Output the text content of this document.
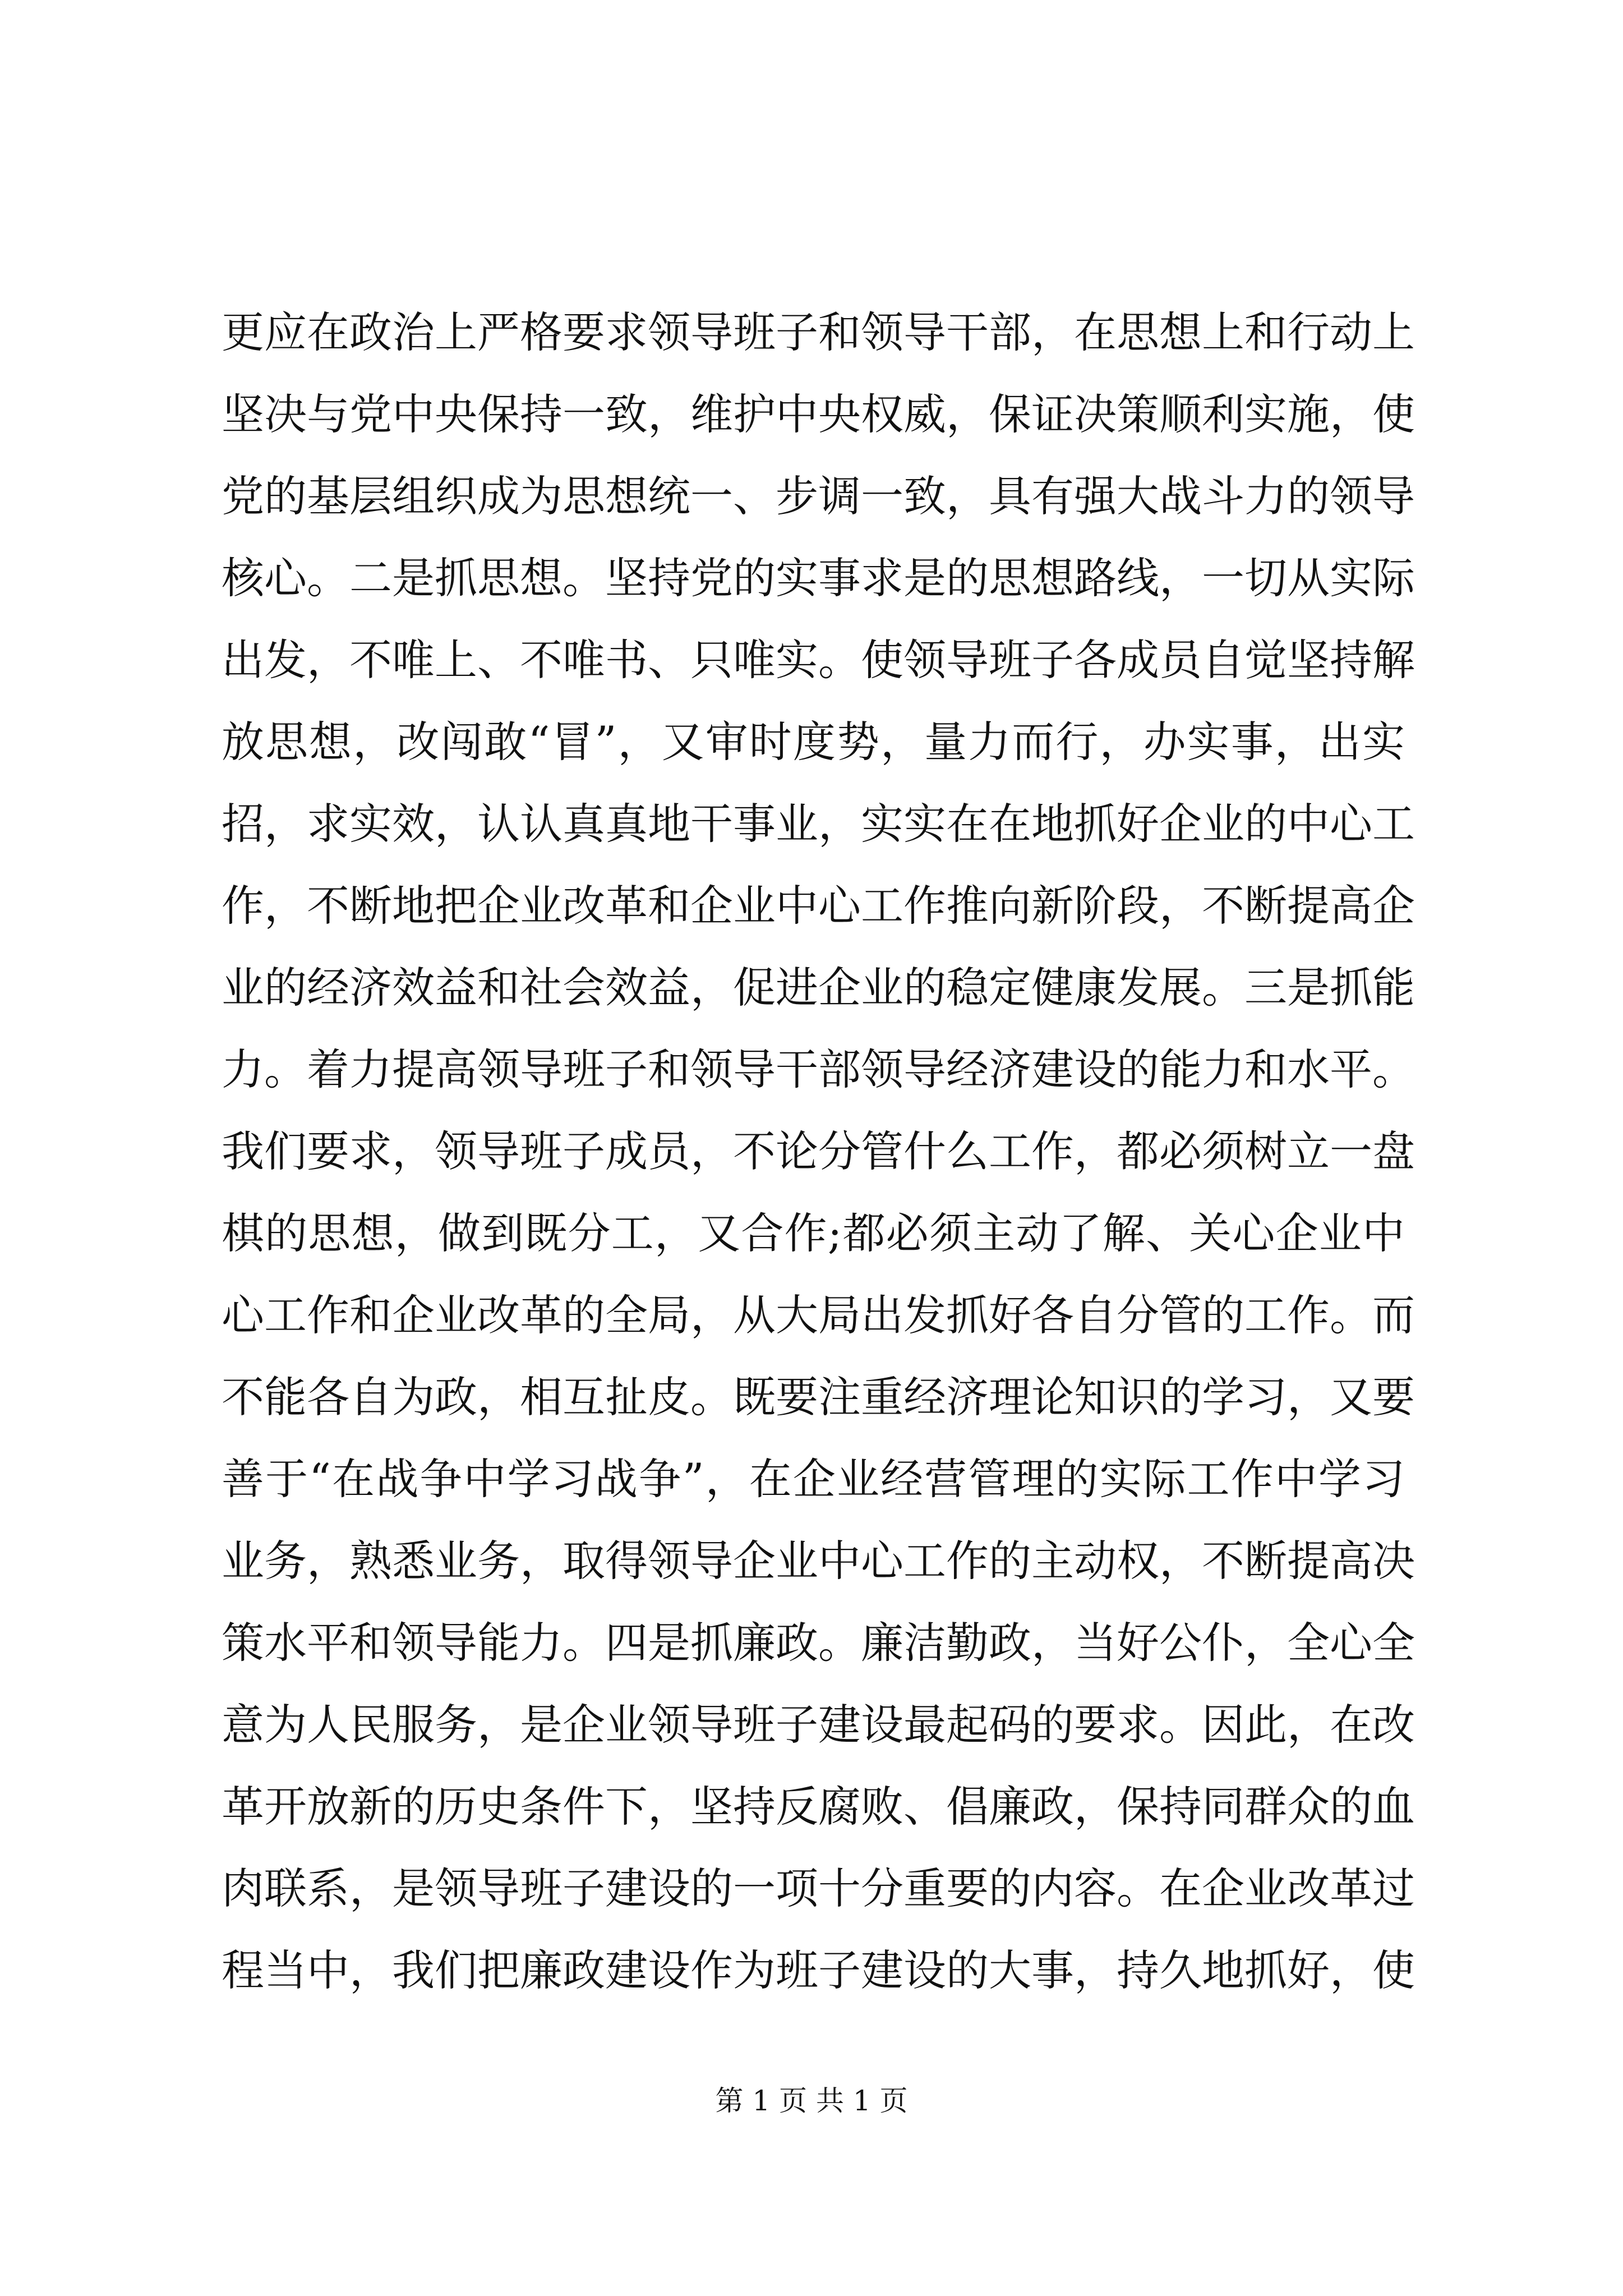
更应在政治上严格要求领导班子和领导干部，在思想上和行动上
坚决与党中央保持一致，维护中央权威，保证决策顺利实施，使
党的基层组织成为思想统一、步调一致，具有强大战斗力的领导
核心。二是抓思想。坚持党的实事求是的思想路线，一切从实际
出发，不唯上、不唯书、只唯实。使领导班子各成员自觉坚持解
放思想，改闯敢“冒”，又审时度势，量力而行，办实事，出实
招，求实效，认认真真地干事业，实实在在地抓好企业的中心工
作，不断地把企业改革和企业中心工作推向新阶段，不断提高企
业的经济效益和社会效益，促进企业的稳定健康发展。三是抓能
力。着力提高领导班子和领导干部领导经济建设的能力和水平。
我们要求，领导班子成员，不论分管什么工作，都必须树立一盘
棋的思想，做到既分工，又合作;都必须主动了解、关心企业中
心工作和企业改革的全局，从大局出发抓好各自分管的工作。而
不能各自为政，相互扯皮。既要注重经济理论知识的学习，又要
善于“在战争中学习战争”，在企业经营管理的实际工作中学习
业务，熟悉业务，取得领导企业中心工作的主动权，不断提高决
策水平和领导能力。四是抓廉政。廉洁勤政，当好公仆，全心全
意为人民服务，是企业领导班子建设最起码的要求。因此，在改
革开放新的历史条件下，坚持反腐败、倡廉政，保持同群众的血
肉联系，是领导班子建设的一项十分重要的内容。在企业改革过
程当中，我们把廉政建设作为班子建设的大事，持久地抓好，使
第 1 页 共 1 页
